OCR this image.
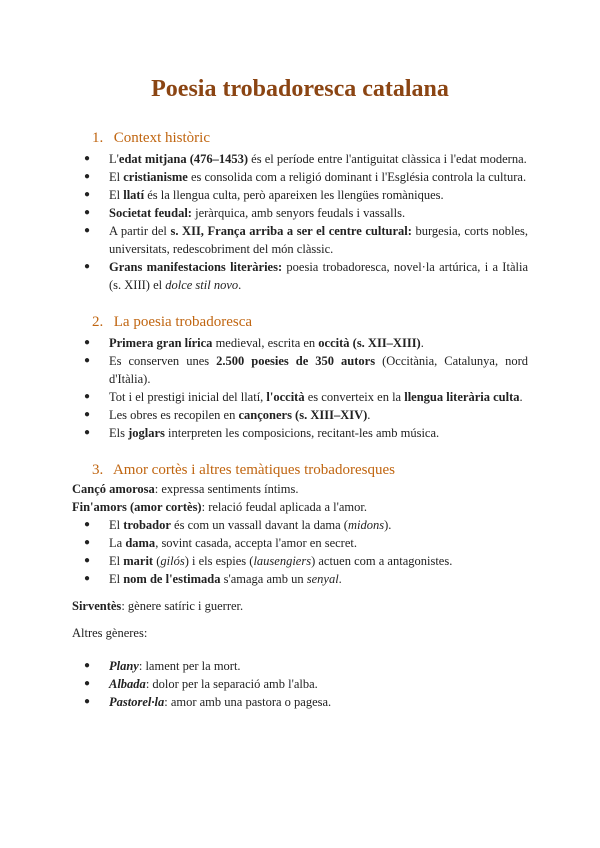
Poesia trobadoresca catalana
1. Context històric
● L'edat mitjana (476–1453) és el període entre l'antiguitat clàssica i l'edat moderna.
● El cristianisme es consolida com a religió dominant i l'Església controla la cultura.
● El llatí és la llengua culta, però apareixen les llengües romàniques.
● Societat feudal: jeràrquica, amb senyors feudals i vassalls.
● A partir del s. XII, França arriba a ser el centre cultural: burgesia, corts nobles, universitats, redescobriment del món clàssic.
● Grans manifestacions literàries: poesia trobadoresca, novel·la artúrica, i a Itàlia (s. XIII) el dolce stil novo.
2. La poesia trobadoresca
● Primera gran lírica medieval, escrita en occità (s. XII–XIII).
● Es conserven unes 2.500 poesies de 350 autors (Occitània, Catalunya, nord d'Itàlia).
● Tot i el prestigi inicial del llatí, l'occità es converteix en la llengua literària culta.
● Les obres es recopilen en cançoners (s. XIII–XIV).
● Els joglars interpreten les composicions, recitant-les amb música.
3. Amor cortès i altres temàtiques trobadoresques

Cançó amorosa: expressa sentiments íntims.

Fin'amors (amor cortès): relació feudal aplicada a l'amor.

● El trobador és com un vassall davant la dama (midons).
● La dama, sovint casada, accepta l'amor en secret.
● El marit (gilós) i els espies (lausengiers) actuen com a antagonistes.
● El nom de l'estimada s'amaga amb un senyal.

Sirventès: gènere satíric i guerrer.

Altres gèneres:

● Plany: lament per la mort.
● Albada: dolor per la separació amb l'alba.
● Pastorel·la: amor amb una pastora o pagesa.
